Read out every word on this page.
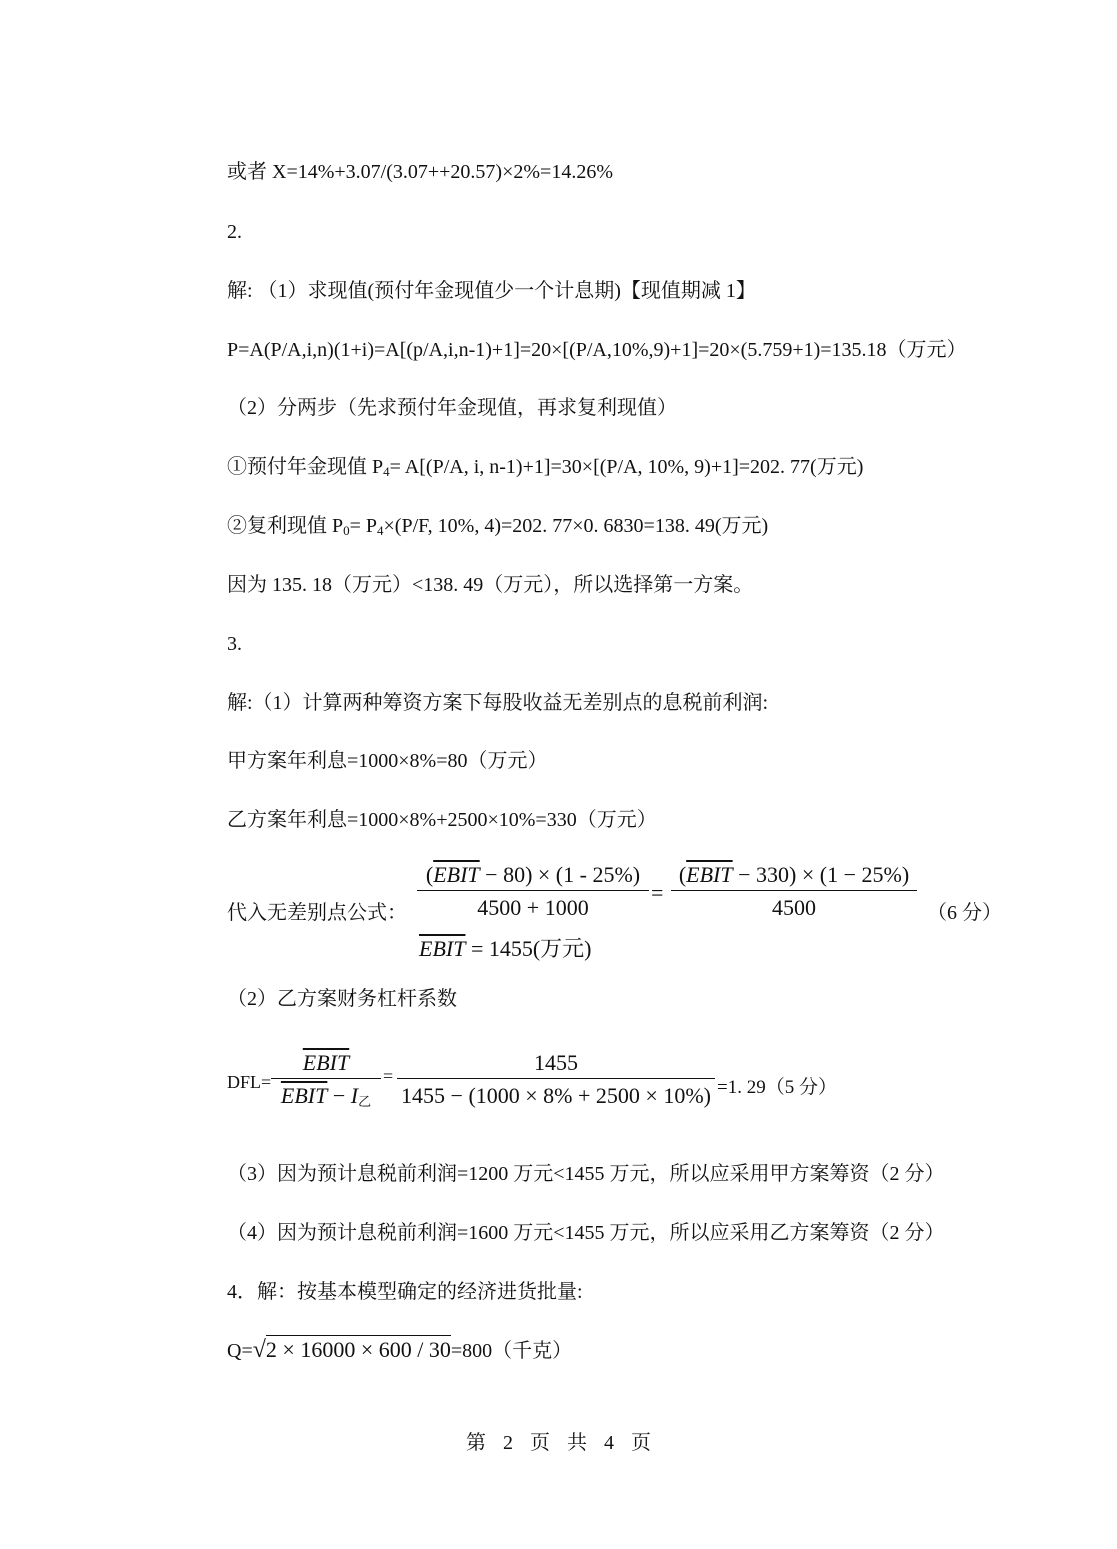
或者 X=14%+3.07/(3.07++20.57)×2%=14.26%
2.
解: （1）求现值(预付年金现值少一个计息期)【现值期减 1】
P=A(P/A,i,n)(1+i)=A[(p/A,i,n-1)+1]=20×[(P/A,10%,9)+1]=20×(5.759+1)=135.18（万元）
（2）分两步（先求预付年金现值，再求复利现值）
①预付年金现值 $P_4= A[(P/A$, i, n-1)+1]=30×[(P/A, 10%, 9)+1]=202. 77(万元)
②复利现值 $P_0= P_4\times(P/F$, 10%, 4)=202. 77×0. 6830=138. 49(万元)
因为 135. 18（万元）<138. 49（万元），所以选择第一方案。
3.
解:（1）计算两种筹资方案下每股收益无差别点的息税前利润:
甲方案年利息=1000×8%=80（万元）
乙方案年利息=1000×8%+2500×10%=330（万元）
代入无差别点公式：
(EBIT − 80) × (1 - 25%)
4500 + 1000
=
(EBIT − 330) × (1 − 25%)
4500	（6 分）
EBIT = 1455(万元)
（2）乙方案财务杠杆系数
DFL=
EBIT
EBIT − $I_乙$
= $\frac{1455}{1455 - (1000 \times 8\% + 2500 \times 10\%)} =1$. 29（5 分）
（3）因为预计息税前利润=1200 万元<1455 万元，所以应采用甲方案筹资（2 分）
（4）因为预计息税前利润=1600 万元<1455 万元，所以应采用乙方案筹资（2 分）
4．解：按基本模型确定的经济进货批量:
Q=√2 × 16000 × 600 / 30=800（千克）
第 2 页 共 4 页
